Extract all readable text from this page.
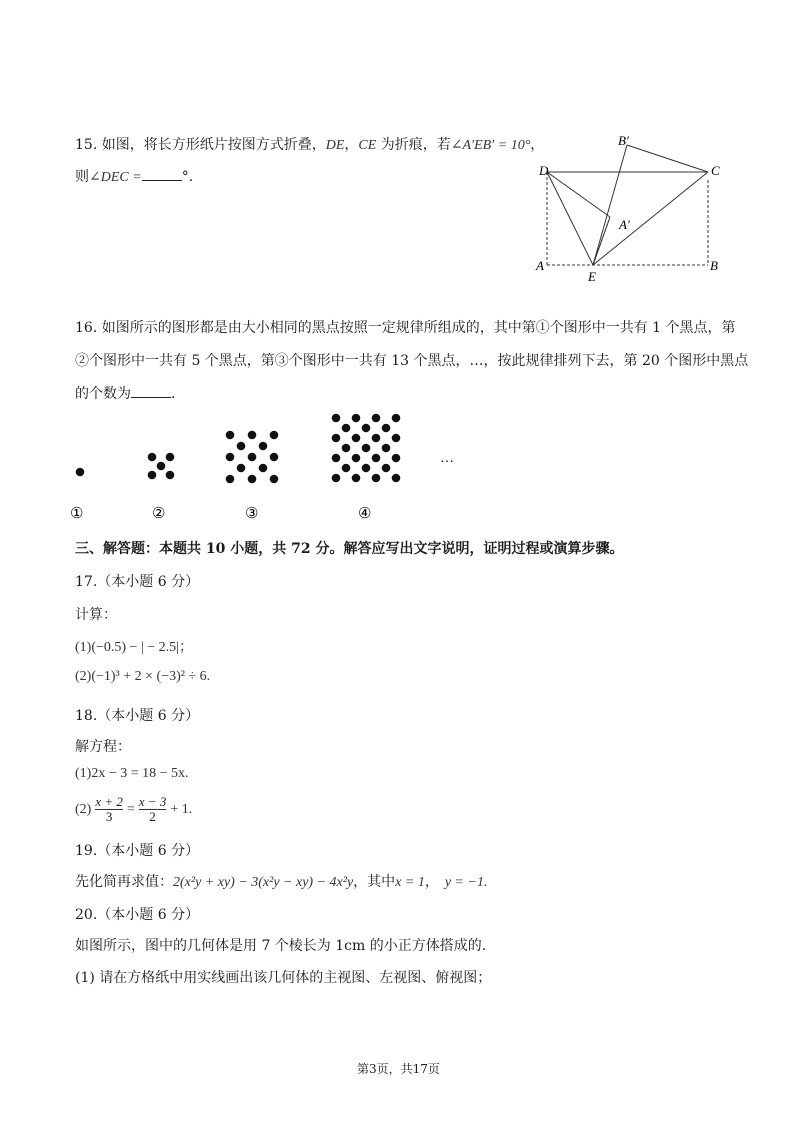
15. 如图，将长方形纸片按图方式折叠，DE，CE 为折痕，若∠A′EB′ = 10°，
则∠DEC =	°.
B′
D	C
A′
A
E
B
16. 如图所示的图形都是由大小相同的黑点按照一定规律所组成的，其中第①个图形中一共有 1 个黑点，第
②个图形中一共有 5 个黑点，第③个图形中一共有 13 个黑点，…，按此规律排列下去，第 20 个图形中黑点
的个数为	.
①	②	③	④
…
三、解答题：本题共 10 小题，共 72 分。解答应写出文字说明，证明过程或演算步骤。
17.（本小题 6 分）
计算：
(1)(−0.5) − | − 2.5|；
(2)(−1)³ + 2 × (−3)² ÷ 6.
18.（本小题 6 分）
解方程：
(1)2x − 3 = 18 − 5x.
$(2) \frac{x + 2}{3} = \frac{x - 3}{2} + 1$.
19.（本小题 6 分）
先化简再求值：2(x²y + xy) − 3(x²y − xy) − 4x²y，其中x = 1， y = −1.
20.（本小题 6 分）
如图所示，图中的几何体是用 7 个棱长为 1cm 的小正方体搭成的.
(1) 请在方格纸中用实线画出该几何体的主视图、左视图、俯视图；
第3页，共17页
